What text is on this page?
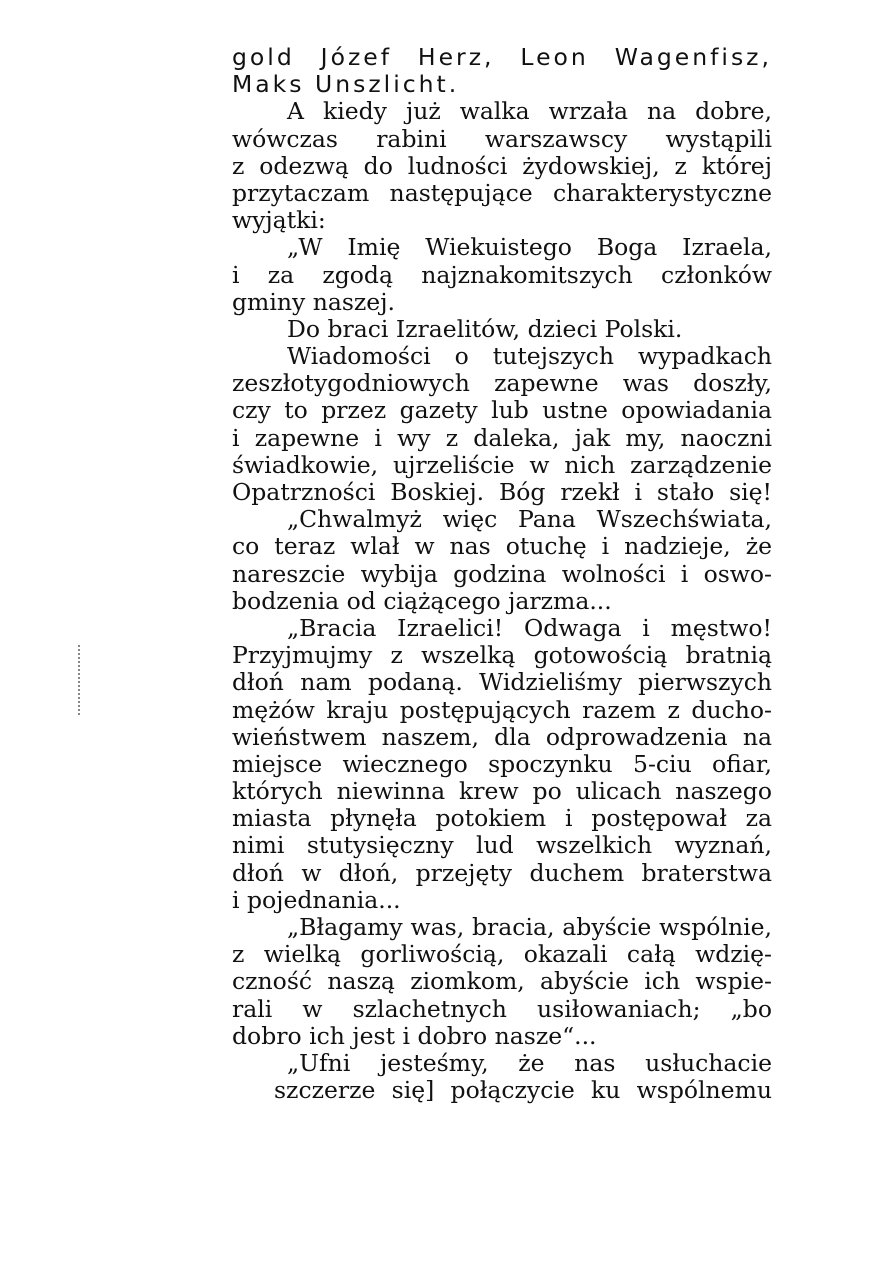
gold Józef Herz, Leon Wagenfisz,
Maks Unszlicht.
A kiedy już walka wrzała na dobre,
wówczas rabini warszawscy wystąpili
z odezwą do ludności żydowskiej, z której
przytaczam następujące charakterystyczne
wyjątki:
„W Imię Wiekuistego Boga Izraela,
i za zgodą najznakomitszych członków
gminy naszej.
Do braci Izraelitów, dzieci Polski.
Wiadomości o tutejszych wypadkach
zeszłotygodniowych zapewne was doszły,
czy to przez gazety lub ustne opowiadania
i zapewne i wy z daleka, jak my, naoczni
świadkowie, ujrzeliście w nich zarządzenie
Opatrzności Boskiej. Bóg rzekł i stało się!
„Chwalmyż więc Pana Wszechświata,
co teraz wlał w nas otuchę i nadzieje, że
nareszcie wybija godzina wolności i oswo-
bodzenia od ciążącego jarzma...
„Bracia Izraelici! Odwaga i męstwo!
Przyjmujmy z wszelką gotowością bratnią
dłoń nam podaną. Widzieliśmy pierwszych
mężów kraju postępujących razem z ducho-
wieństwem naszem, dla odprowadzenia na
miejsce wiecznego spoczynku 5-ciu ofiar,
których niewinna krew po ulicach naszego
miasta płynęła potokiem i postępował za
nimi stutysięczny lud wszelkich wyznań,
dłoń w dłoń, przejęty duchem braterstwa
i pojednania...
„Błagamy was, bracia, abyście wspólnie,
z wielką gorliwością, okazali całą wdzię-
czność naszą ziomkom, abyście ich wspie-
rali w szlachetnych usiłowaniach; „bo
dobro ich jest i dobro nasze“...
„Ufni jesteśmy, że nas usłuchacie
szczerze się] połączycie ku wspólnemu
